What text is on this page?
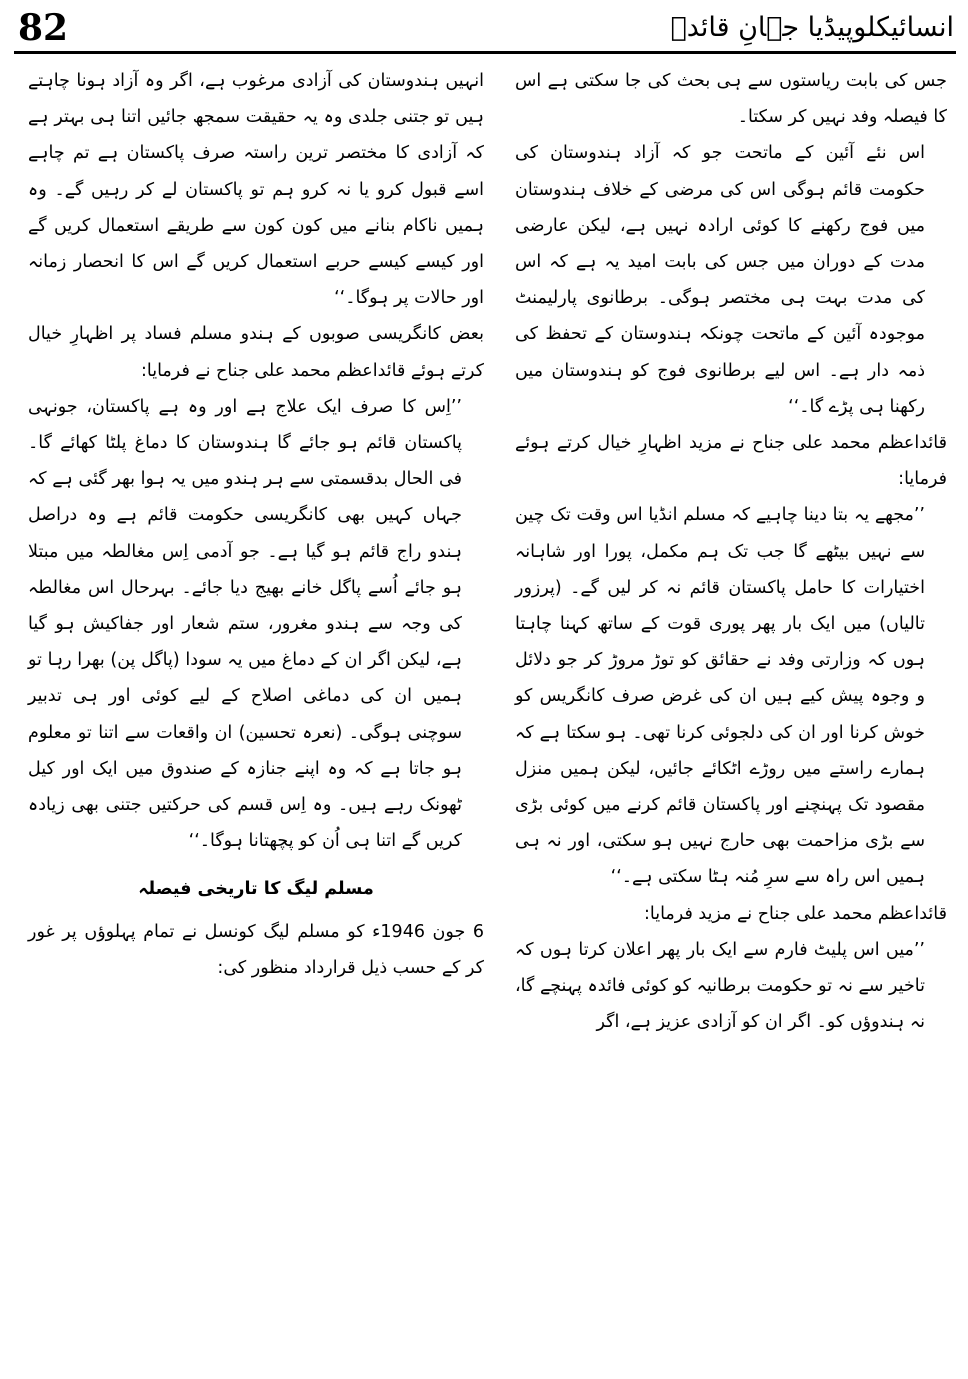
82	انسائیکلوپیڈیا جہانِ قائدؒ

جس کی بابت ریاستوں سے ہی بحث کی جا سکتی ہے اس کا فیصلہ وفد نہیں کر سکتا۔

اس نئے آئین کے ماتحت جو کہ آزاد ہندوستان کی حکومت قائم ہوگی اس کی مرضی کے خلاف ہندوستان میں فوج رکھنے کا کوئی ارادہ نہیں ہے، لیکن عارضی مدت کے دوران میں جس کی بابت امید یہ ہے کہ اس کی مدت بہت ہی مختصر ہوگی۔ برطانوی پارلیمنٹ موجودہ آئین کے ماتحت چونکہ ہندوستان کے تحفظ کی ذمہ دار ہے۔ اس لیے برطانوی فوج کو ہندوستان میں رکھنا ہی پڑے گا۔‘‘

قائداعظم محمد علی جناح نے مزید اظہارِ خیال کرتے ہوئے فرمایا:

’’مجھے یہ بتا دینا چاہیے کہ مسلم انڈیا اس وقت تک چین سے نہیں بیٹھے گا جب تک ہم مکمل، پورا اور شاہانہ اختیارات کا حامل پاکستان قائم نہ کر لیں گے۔ (پرزور تالیاں) میں ایک بار پھر پوری قوت کے ساتھ کہنا چاہتا ہوں کہ وزارتی وفد نے حقائق کو توڑ مروڑ کر جو دلائل و وجوہ پیش کیے ہیں ان کی غرض صرف کانگریس کو خوش کرنا اور ان کی دلجوئی کرنا تھی۔ ہو سکتا ہے کہ ہمارے راستے میں روڑے اٹکائے جائیں، لیکن ہمیں منزل مقصود تک پہنچنے اور پاکستان قائم کرنے میں کوئی بڑی سے بڑی مزاحمت بھی حارج نہیں ہو سکتی، اور نہ ہی ہمیں اس راہ سے سرِ مُنہ ہٹا سکتی ہے۔‘‘

قائداعظم محمد علی جناح نے مزید فرمایا:

’’میں اس پلیٹ فارم سے ایک بار پھر اعلان کرتا ہوں کہ تاخیر سے نہ تو حکومت برطانیہ کو کوئی فائدہ پہنچے گا، نہ ہندوؤں کو۔ اگر ان کو آزادی عزیز ہے، اگر

انہیں ہندوستان کی آزادی مرغوب ہے، اگر وہ آزاد ہونا چاہتے ہیں تو جتنی جلدی وہ یہ حقیقت سمجھ جائیں اتنا ہی بہتر ہے کہ آزادی کا مختصر ترین راستہ صرف پاکستان ہے تم چاہے اسے قبول کرو یا نہ کرو ہم تو پاکستان لے کر رہیں گے۔ وہ ہمیں ناکام بنانے میں کون کون سے طریقے استعمال کریں گے اور کیسے کیسے حربے استعمال کریں گے اس کا انحصار زمانہ اور حالات پر ہوگا۔‘‘

بعض کانگریسی صوبوں کے ہندو مسلم فساد پر اظہارِ خیال کرتے ہوئے قائداعظم محمد علی جناح نے فرمایا:

’’اِس کا صرف ایک علاج ہے اور وہ ہے پاکستان، جونہی پاکستان قائم ہو جائے گا ہندوستان کا دماغ پلٹا کھائے گا۔ فی الحال بدقسمتی سے ہر ہندو میں یہ ہوا بھر گئی ہے کہ جہاں کہیں بھی کانگریسی حکومت قائم ہے وہ دراصل ہندو راج قائم ہو گیا ہے۔ جو آدمی اِس مغالطہ میں مبتلا ہو جائے اُسے پاگل خانے بھیج دیا جائے۔ بہرحال اس مغالطہ کی وجہ سے ہندو مغرور، ستم شعار اور جفاکیش ہو گیا ہے، لیکن اگر ان کے دماغ میں یہ سودا (پاگل پن) بھرا رہا تو ہمیں ان کی دماغی اصلاح کے لیے کوئی اور ہی تدبیر سوچنی ہوگی۔ (نعرہ تحسین) ان واقعات سے اتنا تو معلوم ہو جاتا ہے کہ وہ اپنے جنازہ کے صندوق میں ایک اور کیل ٹھونک رہے ہیں۔ وہ اِس قسم کی حرکتیں جتنی بھی زیادہ کریں گے اتنا ہی اُن کو پچھتانا ہوگا۔‘‘

مسلم لیگ کا تاریخی فیصلہ

6 جون 1946ء کو مسلم لیگ کونسل نے تمام پہلوؤں پر غور کر کے حسب ذیل قرارداد منظور کی:
